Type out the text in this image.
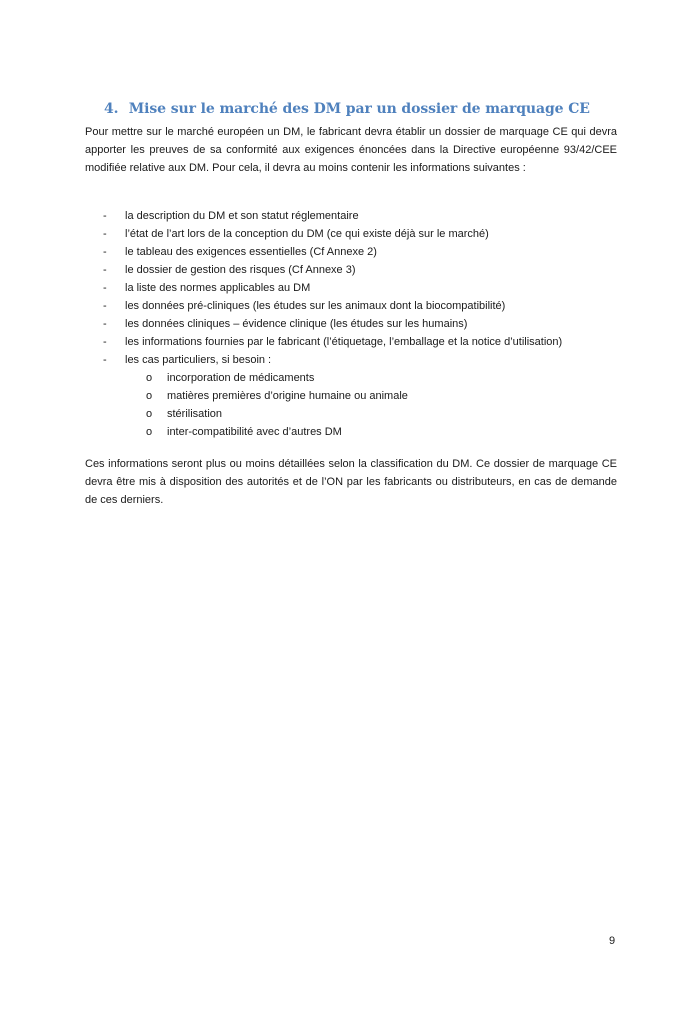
4. Mise sur le marché des DM par un dossier de marquage CE

Pour mettre sur le marché européen un DM, le fabricant devra établir un dossier de marquage CE qui devra apporter les preuves de sa conformité aux exigences énoncées dans la Directive européenne 93/42/CEE modifiée relative aux DM. Pour cela, il devra au moins contenir les informations suivantes :

- la description du DM et son statut réglementaire
- l’état de l’art lors de la conception du DM (ce qui existe déjà sur le marché)
- le tableau des exigences essentielles (Cf Annexe 2)
- le dossier de gestion des risques (Cf Annexe 3)
- la liste des normes applicables au DM
- les données pré-cliniques (les études sur les animaux dont la biocompatibilité)
- les données cliniques – évidence clinique (les études sur les humains)
- les informations fournies par le fabricant (l’étiquetage, l’emballage et la notice d’utilisation)
- les cas particuliers, si besoin :
o incorporation de médicaments
o matières premières d’origine humaine ou animale
o stérilisation
o inter-compatibilité avec d’autres DM

Ces informations seront plus ou moins détaillées selon la classification du DM. Ce dossier de marquage CE devra être mis à disposition des autorités et de l’ON par les fabricants ou distributeurs, en cas de demande de ces derniers.

9
